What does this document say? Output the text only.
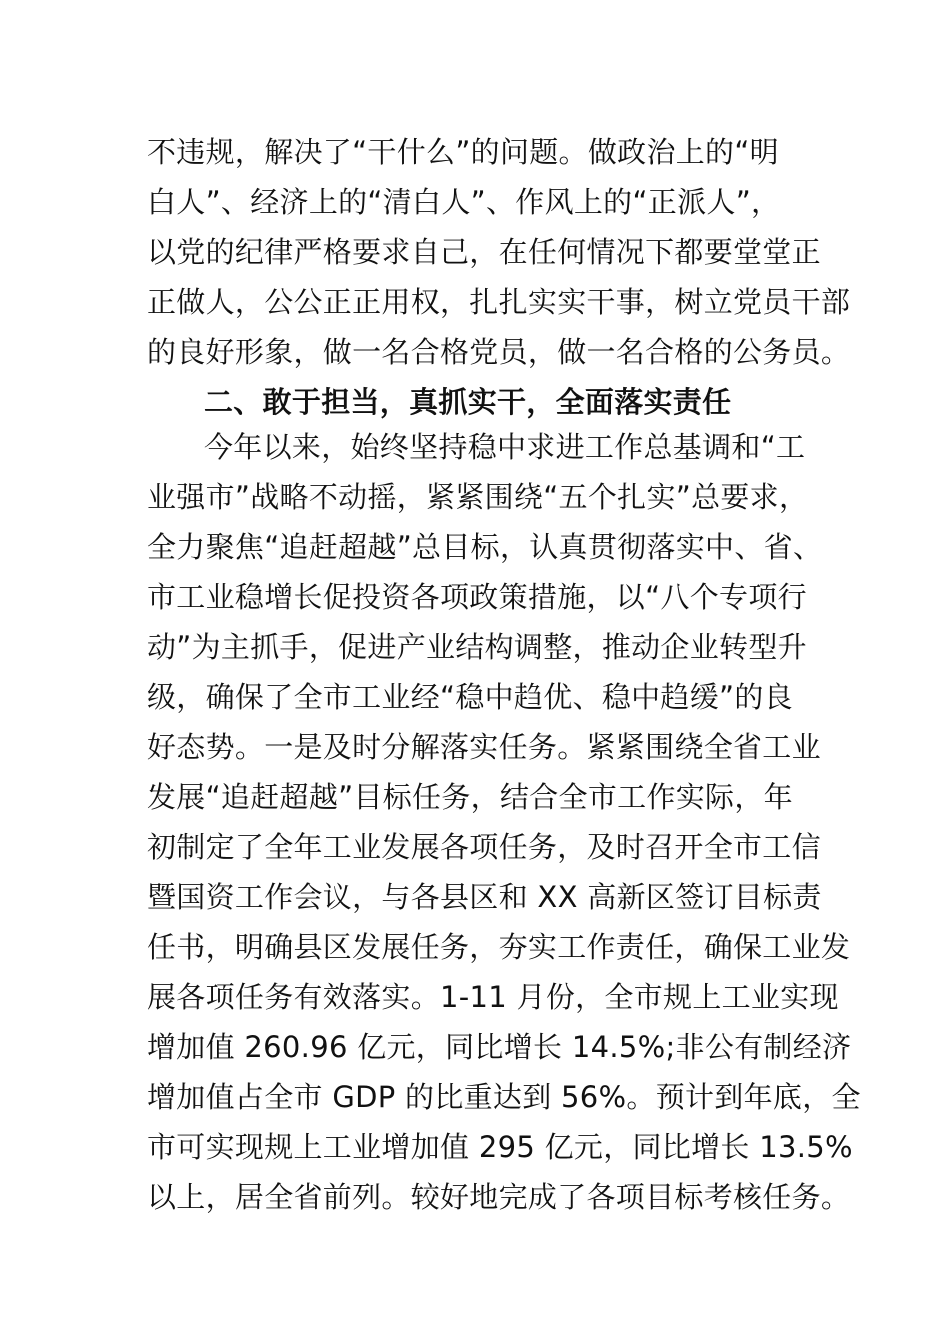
不违规，解决了“干什么”的问题。做政治上的“明
白人”、经济上的“清白人”、作风上的“正派人”，
以党的纪律严格要求自己，在任何情况下都要堂堂正
正做人，公公正正用权，扎扎实实干事，树立党员干部
的良好形象，做一名合格党员，做一名合格的公务员。
二、敢于担当，真抓实干，全面落实责任
今年以来，始终坚持稳中求进工作总基调和“工
业强市”战略不动摇，紧紧围绕“五个扎实”总要求，
全力聚焦“追赶超越”总目标，认真贯彻落实中、省、
市工业稳增长促投资各项政策措施，以“八个专项行
动”为主抓手，促进产业结构调整，推动企业转型升
级，确保了全市工业经“稳中趋优、稳中趋缓”的良
好态势。一是及时分解落实任务。紧紧围绕全省工业
发展“追赶超越”目标任务，结合全市工作实际，年
初制定了全年工业发展各项任务，及时召开全市工信
暨国资工作会议，与各县区和 XX 高新区签订目标责
任书，明确县区发展任务，夯实工作责任，确保工业发
展各项任务有效落实。1-11 月份，全市规上工业实现
增加值 260.96 亿元，同比增长 14.5%;非公有制经济
增加值占全市 GDP 的比重达到 56%。预计到年底，全
市可实现规上工业增加值 295 亿元，同比增长 13.5%
以上，居全省前列。较好地完成了各项目标考核任务。
